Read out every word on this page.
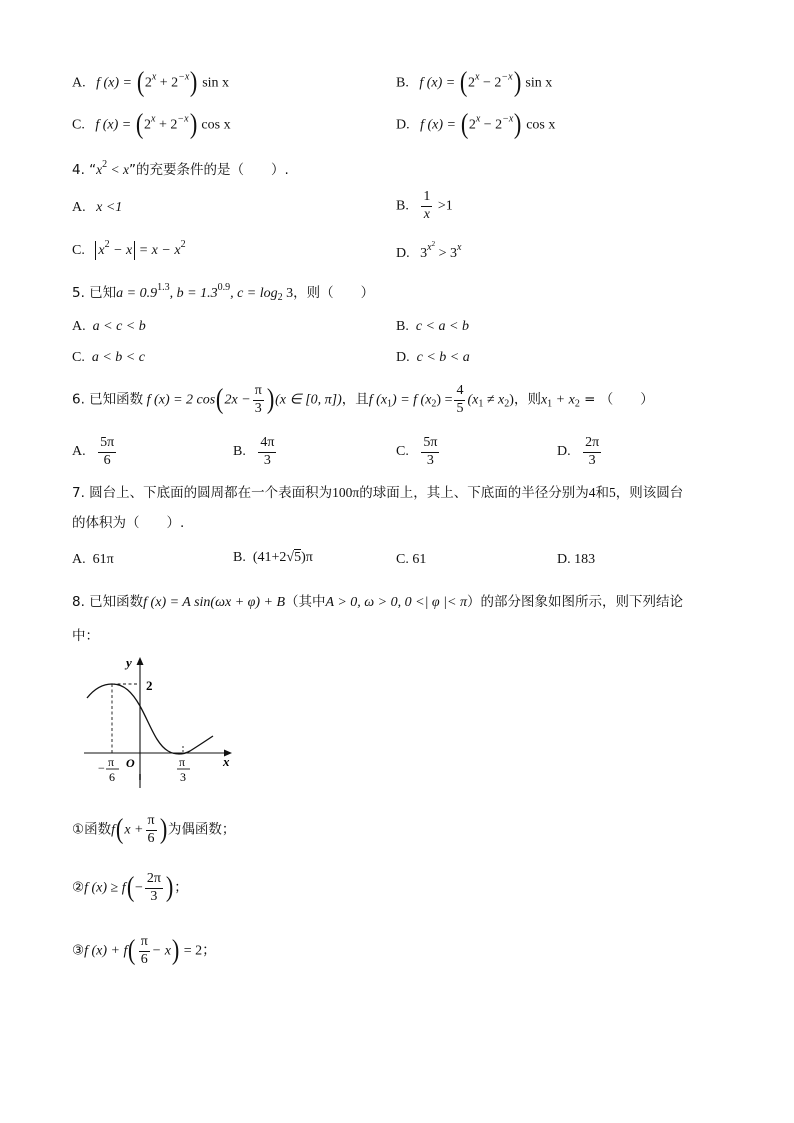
A. f $(x) = (2^x + 2^{-x})$ sin x	B. f $(x) = (2^x - 2^{-x})$ sin x
C. f $(x) = (2^x + 2^{-x})$ cos x	D. f $(x) = (2^x - 2^{-x})$ cos x
4. “$x^2 < x$”的充要条件的是（　　）.
A. x <1	B. $\frac{1}{x} >1$
C. $x^2 - x = x - x^2$
D. $3^{x^2} > 3^x$
5. 已知$a = 0.9^{1.3}$, $b = 1.3^{0.9}$, $c = \log_2 3$，则（　　）
A. a < c < b	B. c < a < b
C. a < b < c	D. c < b < a
6. 已知函数 f (x) = 2 $\cos(2x - \frac{\pi}{3} )(x$ ∈ [0, π])，且f $(x_1) = f$ $(x_2) = \frac{4}{5} (x_1 \ne x_2)$，则$x_1 + x_2$ = （　　）
A. $\frac{5\pi}{6}$	B. $\frac{4\pi}{3}$	C. $\frac{5\pi}{3}$	D. $\frac{2\pi}{3}$
7. 圆台上、下底面的圆周都在一个表面积为100π的球面上，其上、下底面的半径分别为4和5，则该圆台
的体积为（　　）.
A. 61π	B. (41+2√5)π	C. 61	D. 183
8. 已知函数f (x) = A sin(ωx + φ) + B（其中A > 0, ω > 0, 0 <| φ |< π）的部分图象如图所示，则下列结论
中：
y
x
2
O
− π
6
π
3
①函数$f(x + \frac{\pi}{6}$ )为偶函数；
②f $(x) \ge f(- \frac{2\pi}{3}$ )；
③f $(x) + f( \frac{\pi}{6} - x) = 2$；
